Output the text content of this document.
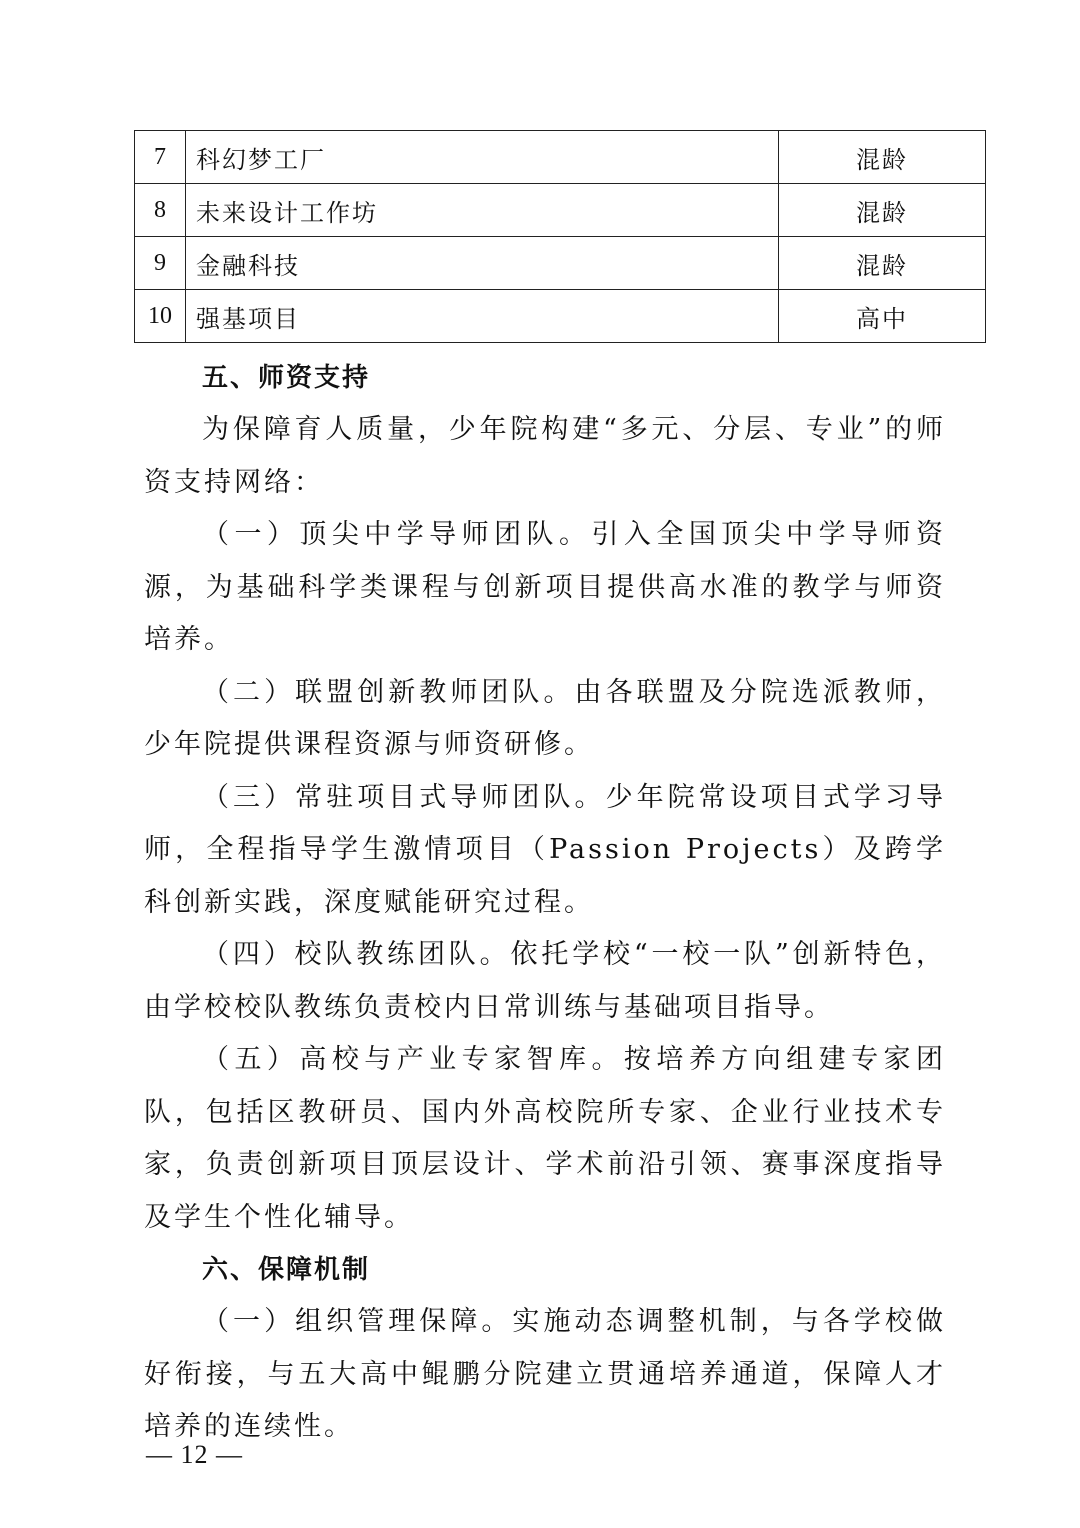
7	科幻梦工厂	混龄
8	未来设计工作坊	混龄
9	金融科技	混龄
10	强基项目	高中

五、师资支持

为保障育人质量，少年院构建“多元、分层、专业”的师资支持网络：

（一）顶尖中学导师团队。引入全国顶尖中学导师资源，为基础科学类课程与创新项目提供高水准的教学与师资培养。

（二）联盟创新教师团队。由各联盟及分院选派教师，少年院提供课程资源与师资研修。

（三）常驻项目式导师团队。少年院常设项目式学习导师，全程指导学生激情项目（Passion Projects）及跨学科创新实践，深度赋能研究过程。

（四）校队教练团队。依托学校“一校一队”创新特色，由学校校队教练负责校内日常训练与基础项目指导。

（五）高校与产业专家智库。按培养方向组建专家团队，包括区教研员、国内外高校院所专家、企业行业技术专家，负责创新项目顶层设计、学术前沿引领、赛事深度指导及学生个性化辅导。

六、保障机制

（一）组织管理保障。实施动态调整机制，与各学校做好衔接，与五大高中鲲鹏分院建立贯通培养通道，保障人才培养的连续性。

— 12 —
